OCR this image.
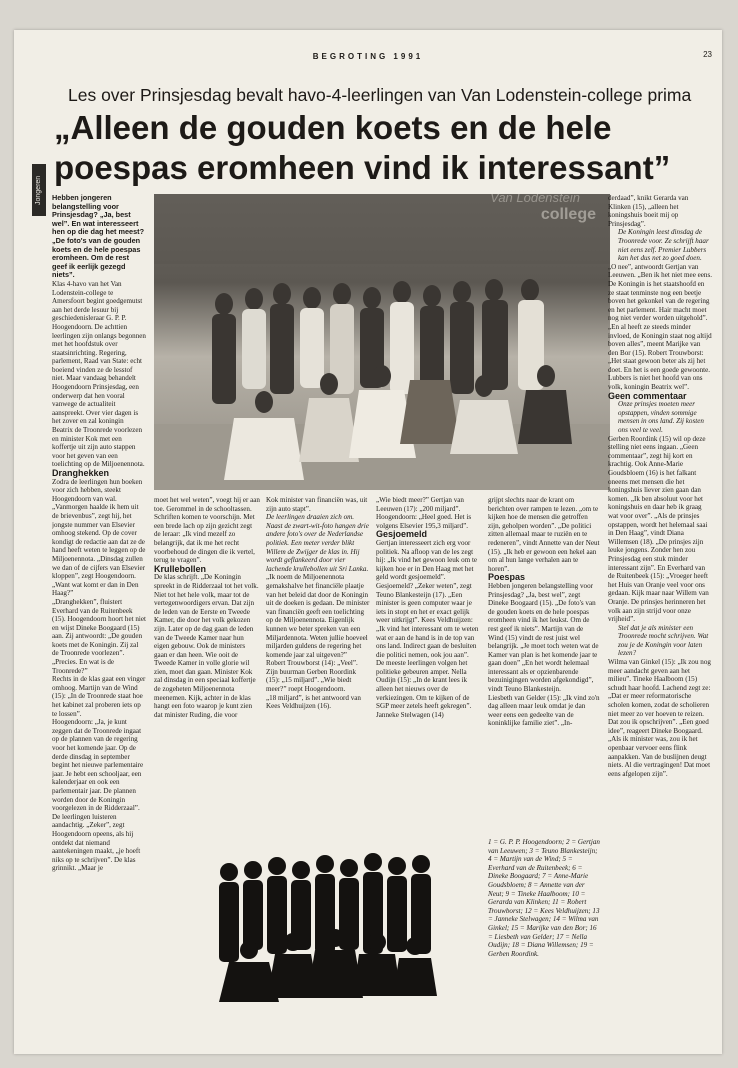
BEGROTING 1991	23
Jongeren
Les over Prinsjesdag bevalt havo-4-leerlingen van Van Lodenstein-college prima
„Alleen de gouden koets en de hele
poespas eromheen vind ik interessant”

Hebben jongeren belangstelling voor Prinsjesdag? „Ja, best wel”. En wat interesseert hen op die dag het meest? „De foto's van de gouden koets en de hele poespas eromheen. Om de rest geef ik eerlijk gezegd niets”.

Klas 4-havo van het Van Lodenstein-college te Amersfoort begint goedgemutst aan het derde lesuur bij geschiedenisleraar G. P. P. Hoogendoorn. De achttien leerlingen zijn onlangs begonnen met het hoofdstuk over staatsinrichting. Regering, parlement, Raad van State: echt boeiend vinden ze de lesstof niet. Maar vandaag behandelt Hoogendoorn Prinsjesdag, een onderwerp dat hen vooral vanwege de actualiteit aanspreekt. Over vier dagen is het zover en zal koningin Beatrix de Troonrede voorlezen en minister Kok met een koffertje uit zijn auto stappen voor het geven van een toelichting op de Miljoenennota.

Dranghekken

Zodra de leerlingen hun boeken voor zich hebben, steekt Hoogendoorn van wal. „Vanmorgen haalde ik hem uit de brievenbus”, zegt hij, het jongste nummer van Elsevier omhoog stekend. Op de cover kondigt de redactie aan dat ze de hand heeft weten te leggen op de Miljoenennota. „Dinsdag zullen we dan of de cijfers van Elsevier kloppen”, zegt Hoogendoorn. „Want wat komt er dan in Den Haag?”

„Dranghekken”, fluistert Everhard van de Ruitenbeek (15). Hoogendoorn hoort het niet en wijst Dineke Boogaard (15) aan. Zij antwoordt: „De gouden koets met de Koningin. Zij zal de Troonrede voorlezen”. „Precies. En wat is de Troonrede?”

Rechts in de klas gaat een vinger omhoog. Martijn van de Wind (15): „In de Troonrede staat hoe het kabinet zal proberen iets op te lossen”.

Hoogendoorn: „Ja, je kunt zeggen dat de Troonrede ingaat op de plannen van de regering voor het komende jaar. Op de derde dinsdag in september begint het nieuwe parlementaire jaar. Je hebt een schooljaar, een kalenderjaar en ook een parlementair jaar. De plannen worden door de Koningin voorgelezen in de Ridderzaal”.

De leerlingen luisteren aandachtig. „Zeker”, zegt Hoogendoorn opeens, als hij ontdekt dat niemand aantekeningen maakt, „je hoeft niks op te schrijven”. De klas grinnikt. „Maar je

moet het wel weten”, voegt hij er aan toe. Gerommel in de schooltassen. Schriften komen te voorschijn. Met een brede lach op zijn gezicht zegt de leraar: „Ik vind mezelf zo belangrijk, dat ik me het recht voorbehoud de dingen die ik vertel, terug te vragen”.

Krullebollen

De klas schrijft. „De Koningin spreekt in de Ridderzaal tot het volk. Niet tot het hele volk, maar tot de vertegenwoordigers ervan. Dat zijn de leden van de Eerste en Tweede Kamer, die door het volk gekozen zijn. Later op de dag gaan de leden van de Tweede Kamer naar hun eigen gebouw. Ook de ministers gaan er dan heen. Wie ooit de Tweede Kamer in volle glorie wil zien, moet dan gaan. Minister Kok zal dinsdag in een speciaal koffertje de zogeheten Miljoenennota meenemen. Kijk, achter in de klas hangt een foto waarop je kunt zien dat minister Ruding, die voor

Kok minister van financiën was, uit zijn auto stapt”.

De leerlingen draaien zich om. Naast de zwart-wit-foto hangen drie andere foto's over de Nederlandse politiek. Een meter verder blikt Willem de Zwijger de klas in. Hij wordt geflankeerd door vier lachende krullebollen uit Sri Lanka.

„Ik noem de Miljoenennota gemakshalve het financiële plaatje van het beleid dat door de Koningin uit de doeken is gedaan. De minister van financiën geeft een toelichting op de Miljoenennota. Eigenlijk kunnen we beter spreken van een Miljardennota. Weten jullie hoeveel miljarden guldens de regering het komende jaar zal uitgeven?”

Robert Trouwborst (14): „Veel”.

Zijn buurman Gerben Roordink (15): „15 miljard”. „Wie biedt meer?” roept Hoogendoorn.

„18 miljard”, is het antwoord van Kees Veldhuijzen (16).

„Wie biedt meer?” Gertjan van Leeuwen (17): „200 miljard”. Hoogendoorn: „Heel goed. Het is volgens Elsevier 195,3 miljard”.

Gesjoemeld

Gertjan interesseert zich erg voor politiek. Na afloop van de les zegt hij: „Ik vind het gewoon leuk om te kijken hoe er in Den Haag met het geld wordt gesjoemeld”. Gesjoemeld? „Zeker weten”, zegt Teuno Blankesteijn (17). „Een minister is geen computer waar je iets in stopt en het er exact gelijk weer uitkrijgt”. Kees Veldhuijzen: „Ik vind het interessant om te weten wat er aan de hand is in de top van ons land. Indirect gaan de besluiten die politici nemen, ook jou aan”.

De meeste leerlingen volgen het politieke gebeuren amper. Nella Oudijn (15): „In de krant lees ik alleen het nieuws over de verkiezingen. Om te kijken of de SGP meer zetels heeft gekregen”. Janneke Stelwagen (14)

grijpt slechts naar de krant om berichten over rampen te lezen. „om te kijken hoe de mensen die getroffen zijn, geholpen worden”. „De politici zitten allemaal maar te ruziën en te redeneren”, vindt Annette van der Neut (15). „Ik heb er gewoon een hekel aan om al hun lange verhalen aan te horen”.

Poespas

Hebben jongeren belangstelling voor Prinsjesdag? „Ja, best wel”, zegt Dineke Boogaard (15). „De foto's van de gouden koets en de hele poespas eromheen vind ik het leukst. Om de rest geef ik niets”. Martijn van de Wind (15) vindt de rest juist wel belangrijk. „Je moet toch weten wat de Kamer van plan is het komende jaar te gaan doen” „En het wordt helemaal interessant als er opzienbarende bezuinigingen worden afgekondigd”, vindt Teuno Blankesteijn.

Liesbeth van Gelder (15): „Ik vind zo'n dag alleen maar leuk omdat je dan weer eens een gedeelte van de koninklijke familie ziet”. „In-

1 = G. P. P. Hoogendoorn; 2 = Gertjan van Leeuwen; 3 = Teuno Blankesteijn; 4 = Martijn van de Wind; 5 = Everhard van de Ruitenbeek; 6 = Dineke Boogaard; 7 = Anne-Marie Goudsbloem; 8 = Annette van der Neut; 9 = Tineke Haalboom; 10 = Gerarda van Klinken; 11 = Robert Trouwborst; 12 = Kees Veldhuijzen; 13 = Janneke Stelwagen; 14 = Wilma van Ginkel; 15 = Marijke van den Bor; 16 = Liesbeth van Gelder; 17 = Nella Oudijn; 18 = Diana Willemsen; 19 = Gerben Roordink.

derdaad”, knikt Gerarda van Klinken (15), „alleen het koningshuis boeit mij op Prinsjesdag”.

De Koningin leest dinsdag de Troonrede voor. Ze schrijft haar niet eens zelf. Premier Lubbers kan het dus net zo goed doen.

„O nee”, antwoordt Gertjan van Leeuwen. „Ben ik het niet mee eens. De Koningin is het staatshoofd en ze staat tenminste nog een beetje boven het gekonkel van de regering en het parlement. Hair macht moet nog niet verder worden uitgehold”. „En al heeft ze steeds minder invloed, de Koningin staat nog altijd boven alles”, meent Marijke van den Bor (15). Robert Trouwborst: „Het staat gewoon beter als zij het doet. En het is een goede gewoonte. Lubbers is niet het hoofd van ons volk, koningin Beatrix wel”.

Geen commentaar

Onze prinsjes moeten meer opstappen, vinden sommige mensen in ons land. Zij kosten ons veel te veel.

Gerben Roordink (15) wil op deze stelling niet eens ingaan. „Geen commentaar”, zegt hij kort en krachtig. Ook Anne-Marie Goudsbloem (16) is het falkant oneens met mensen die het koningshuis liever zien gaan dan komen. „Ik ben absoluut voor het koningshuis en daar heb ik graag wat voor over”. „Als de prinsjes opstappen, wordt het helemaal saai in Den Haag”, vindt Diana Willemsen (18). „De prinsjes zijn leuke jongens. Zonder hen zou Prinsjesdag een stuk minder interessant zijn”. En Everhard van de Ruitenbeek (15): „Vroeger heeft het Huis van Oranje veel voor ons gedaan. Kijk maar naar Willem van Oranje. De prinsjes herinneren het volk aan zijn strijd voor onze vrijheid”.

Stel dat je als minister een Troonrede mocht schrijven. Wat zou je de Koningin voor laten lezen?

Wilma van Ginkel (15): „Ik zou nog meer aandacht geven aan het milieu”. Tineke Haalboom (15) schudt haar hoofd. Lachend zegt ze: „Dat er meer reformatorische scholen komen, zodat de scholieren niet meer zo ver hoeven te reizen. Dat zou ik opschrijven”. „Een goed idee”, reageert Dineke Boogaard. „Als ik minister was, zou ik het openbaar vervoer eens flink aanpakken. Van de buslijnen deugt niets. Al die vertragingen! Dat moet eens afgelopen zijn”.
